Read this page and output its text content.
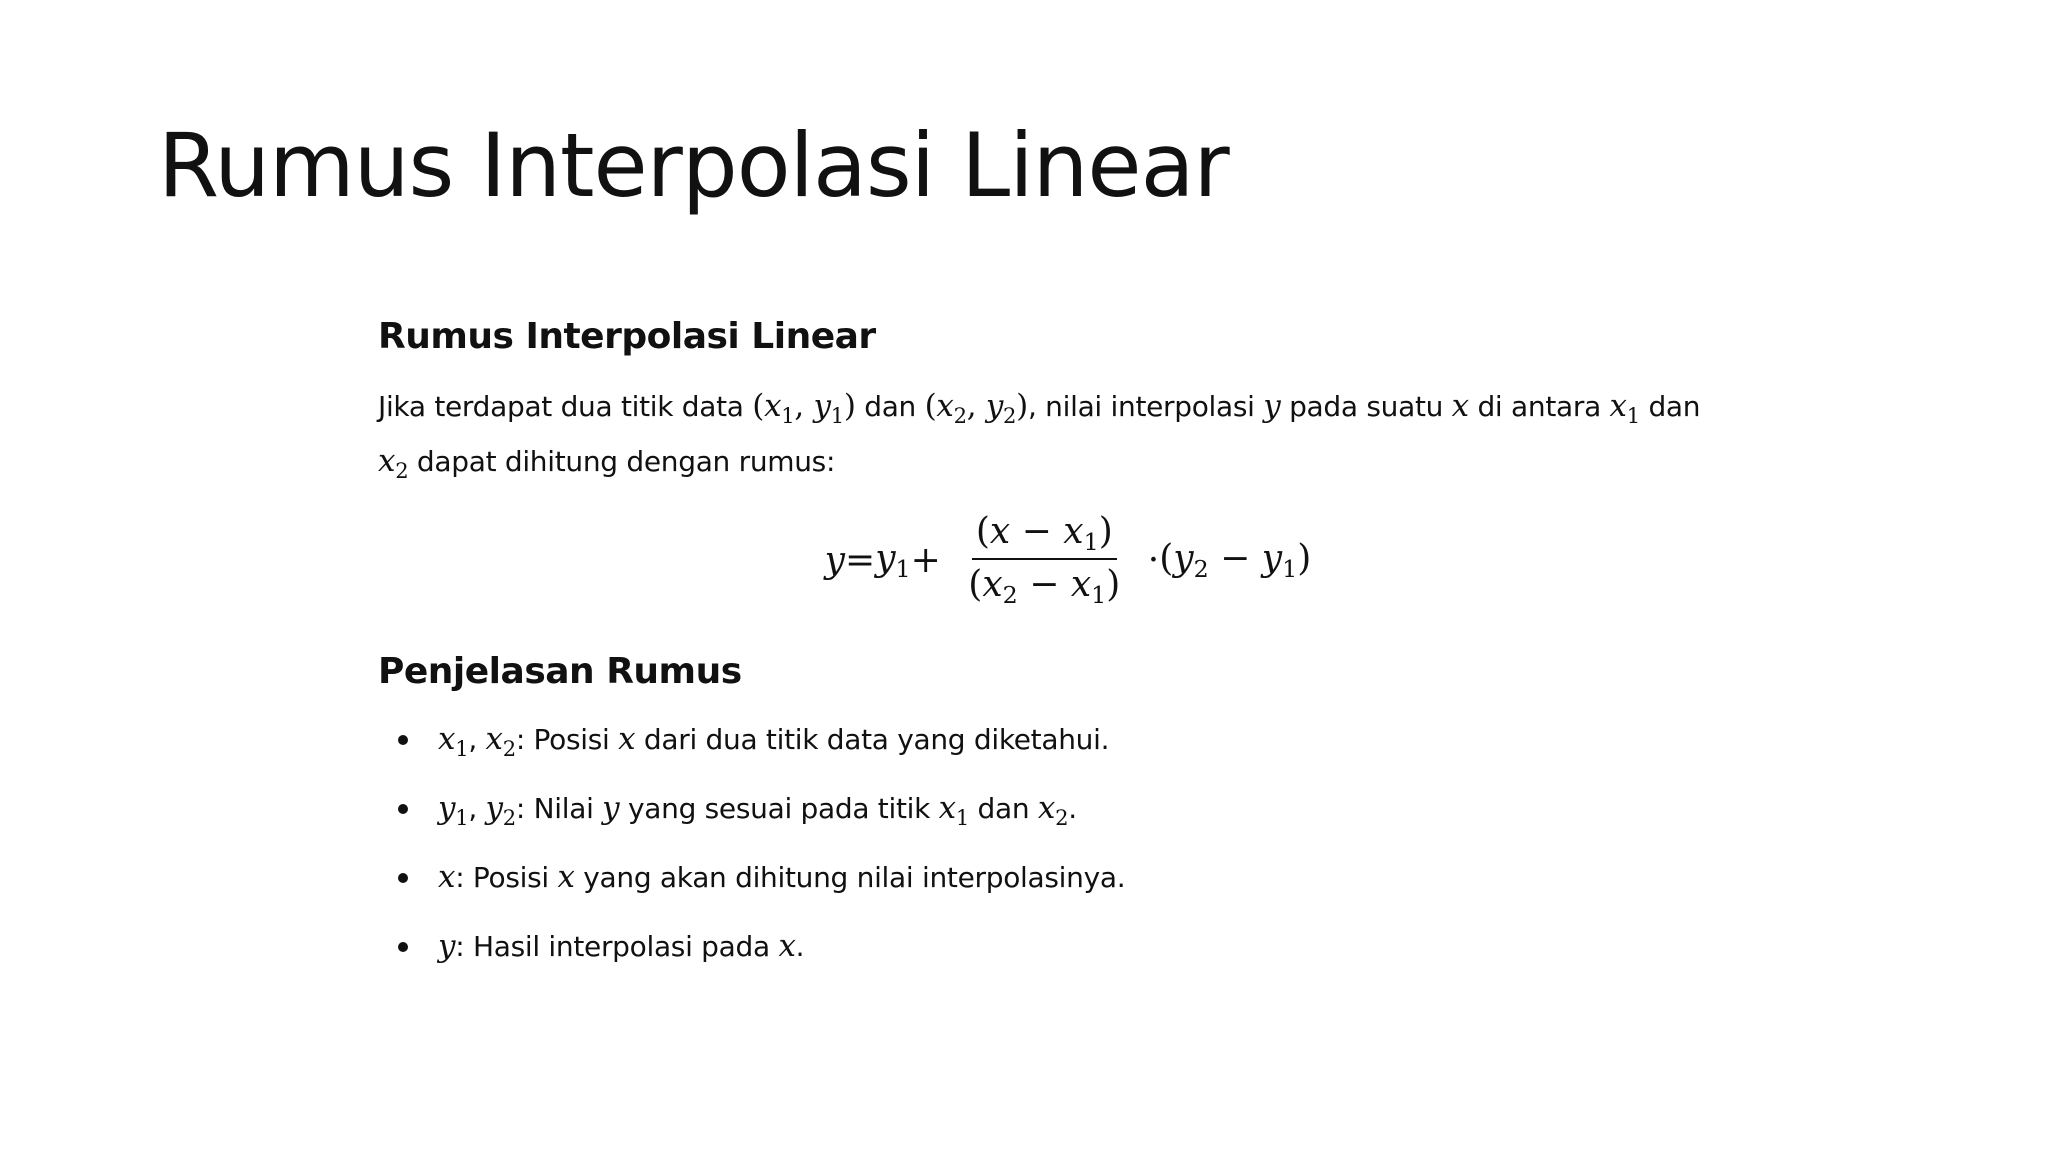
Rumus Interpolasi Linear
Rumus Interpolasi Linear

Jika terdapat dua titik data ($x_1$, $y_1$) dan ($x_2$, $y_2$), nilai interpolasi y pada suatu x di antara $x_1$ dan
$x_2$ dapat dihitung dengan rumus:

$y=y_1+ \frac{(x - x_1)}{(x_2 - x_1)} \cdot(y_2 - y_1)$
Penjelasan Rumus
$x_1$, $x_2$: Posisi x dari dua titik data yang diketahui.
$y_1$, $y_2$: Nilai y yang sesuai pada titik $x_1$ dan $x_2$.
x: Posisi x yang akan dihitung nilai interpolasinya.
y: Hasil interpolasi pada x.
